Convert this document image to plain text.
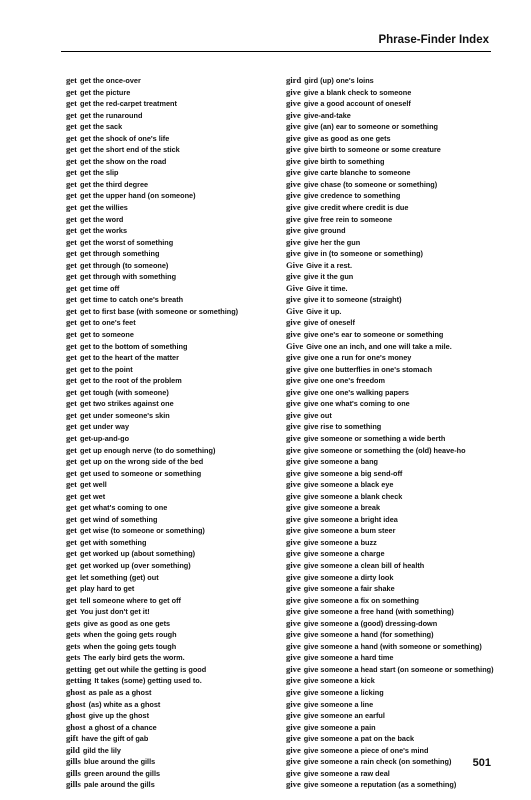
Phrase-Finder Index
get get the once-over
get get the picture
get get the red-carpet treatment
get get the runaround
get get the sack
get get the shock of one's life
get get the short end of the stick
get get the show on the road
get get the slip
get get the third degree
get get the upper hand (on someone)
get get the willies
get get the word
get get the works
get get the worst of something
get get through something
get get through (to someone)
get get through with something
get get time off
get get time to catch one's breath
get get to first base (with someone or something)
get get to one's feet
get get to someone
get get to the bottom of something
get get to the heart of the matter
get get to the point
get get to the root of the problem
get get tough (with someone)
get get two strikes against one
get get under someone's skin
get get under way
get get-up-and-go
get get up enough nerve (to do something)
get get up on the wrong side of the bed
get get used to someone or something
get get well
get get wet
get get what's coming to one
get get wind of something
get get wise (to someone or something)
get get with something
get get worked up (about something)
get get worked up (over something)
get let something (get) out
get play hard to get
get tell someone where to get off
get You just don't get it!
gets give as good as one gets
gets when the going gets rough
gets when the going gets tough
gets The early bird gets the worm.
getting get out while the getting is good
getting It takes (some) getting used to.
ghost as pale as a ghost
ghost (as) white as a ghost
ghost give up the ghost
ghost a ghost of a chance
gift have the gift of gab
gild gild the lily
gills blue around the gills
gills green around the gills
gills pale around the gills
gird gird (up) one's loins
give give a blank check to someone
give give a good account of oneself
give give-and-take
give give (an) ear to someone or something
give give as good as one gets
give give birth to someone or some creature
give give birth to something
give give carte blanche to someone
give give chase (to someone or something)
give give credence to something
give give credit where credit is due
give give free rein to someone
give give ground
give give her the gun
give give in (to someone or something)
Give Give it a rest.
give give it the gun
Give Give it time.
give give it to someone (straight)
Give Give it up.
give give of oneself
give give one's ear to someone or something
Give Give one an inch, and one will take a mile.
give give one a run for one's money
give give one butterflies in one's stomach
give give one one's freedom
give give one one's walking papers
give give one what's coming to one
give give out
give give rise to something
give give someone or something a wide berth
give give someone or something the (old) heave-ho
give give someone a bang
give give someone a big send-off
give give someone a black eye
give give someone a blank check
give give someone a break
give give someone a bright idea
give give someone a bum steer
give give someone a buzz
give give someone a charge
give give someone a clean bill of health
give give someone a dirty look
give give someone a fair shake
give give someone a fix on something
give give someone a free hand (with something)
give give someone a (good) dressing-down
give give someone a hand (for something)
give give someone a hand (with someone or something)
give give someone a hard time
give give someone a head start (on someone or something)
give give someone a kick
give give someone a licking
give give someone a line
give give someone an earful
give give someone a pain
give give someone a pat on the back
give give someone a piece of one's mind
give give someone a rain check (on something)
give give someone a raw deal
give give someone a reputation (as a something)
501
